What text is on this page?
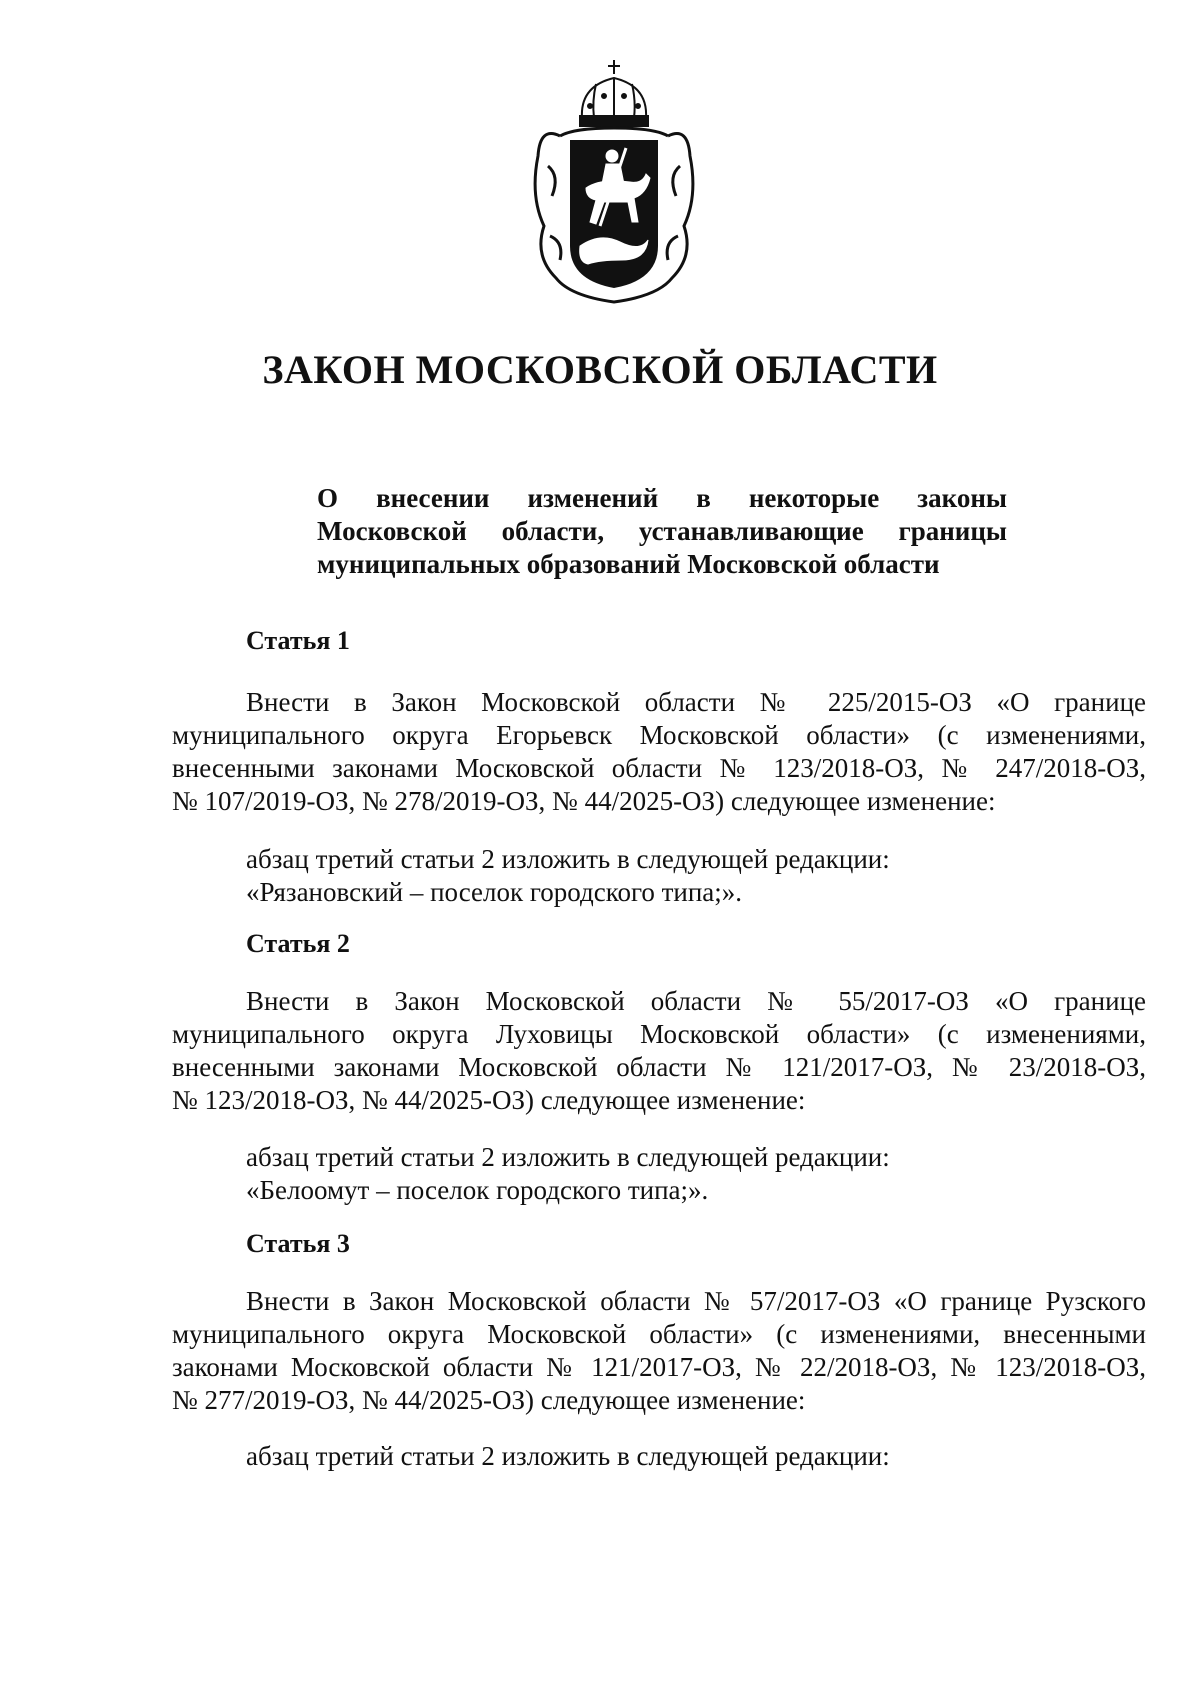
ЗАКОН МОСКОВСКОЙ ОБЛАСТИ
О внесении изменений в некоторые законы
Московской области, устанавливающие границы
муниципальных образований Московской области
Статья 1
Внести в Закон Московской области № 225/2015-ОЗ «О границе
муниципального округа Егорьевск Московской области» (с изменениями,
внесенными законами Московской области № 123/2018-ОЗ, № 247/2018-ОЗ,
№ 107/2019-ОЗ, № 278/2019-ОЗ, № 44/2025-ОЗ) следующее изменение:
абзац третий статьи 2 изложить в следующей редакции:
«Рязановский – поселок городского типа;».
Статья 2
Внести в Закон Московской области № 55/2017-ОЗ «О границе
муниципального округа Луховицы Московской области» (с изменениями,
внесенными законами Московской области № 121/2017-ОЗ, № 23/2018-ОЗ,
№ 123/2018-ОЗ, № 44/2025-ОЗ) следующее изменение:
абзац третий статьи 2 изложить в следующей редакции:
«Белоомут – поселок городского типа;».
Статья 3
Внести в Закон Московской области № 57/2017-ОЗ «О границе Рузского
муниципального округа Московской области» (с изменениями, внесенными
законами Московской области № 121/2017-ОЗ, № 22/2018-ОЗ, № 123/2018-ОЗ,
№ 277/2019-ОЗ, № 44/2025-ОЗ) следующее изменение:
абзац третий статьи 2 изложить в следующей редакции:
